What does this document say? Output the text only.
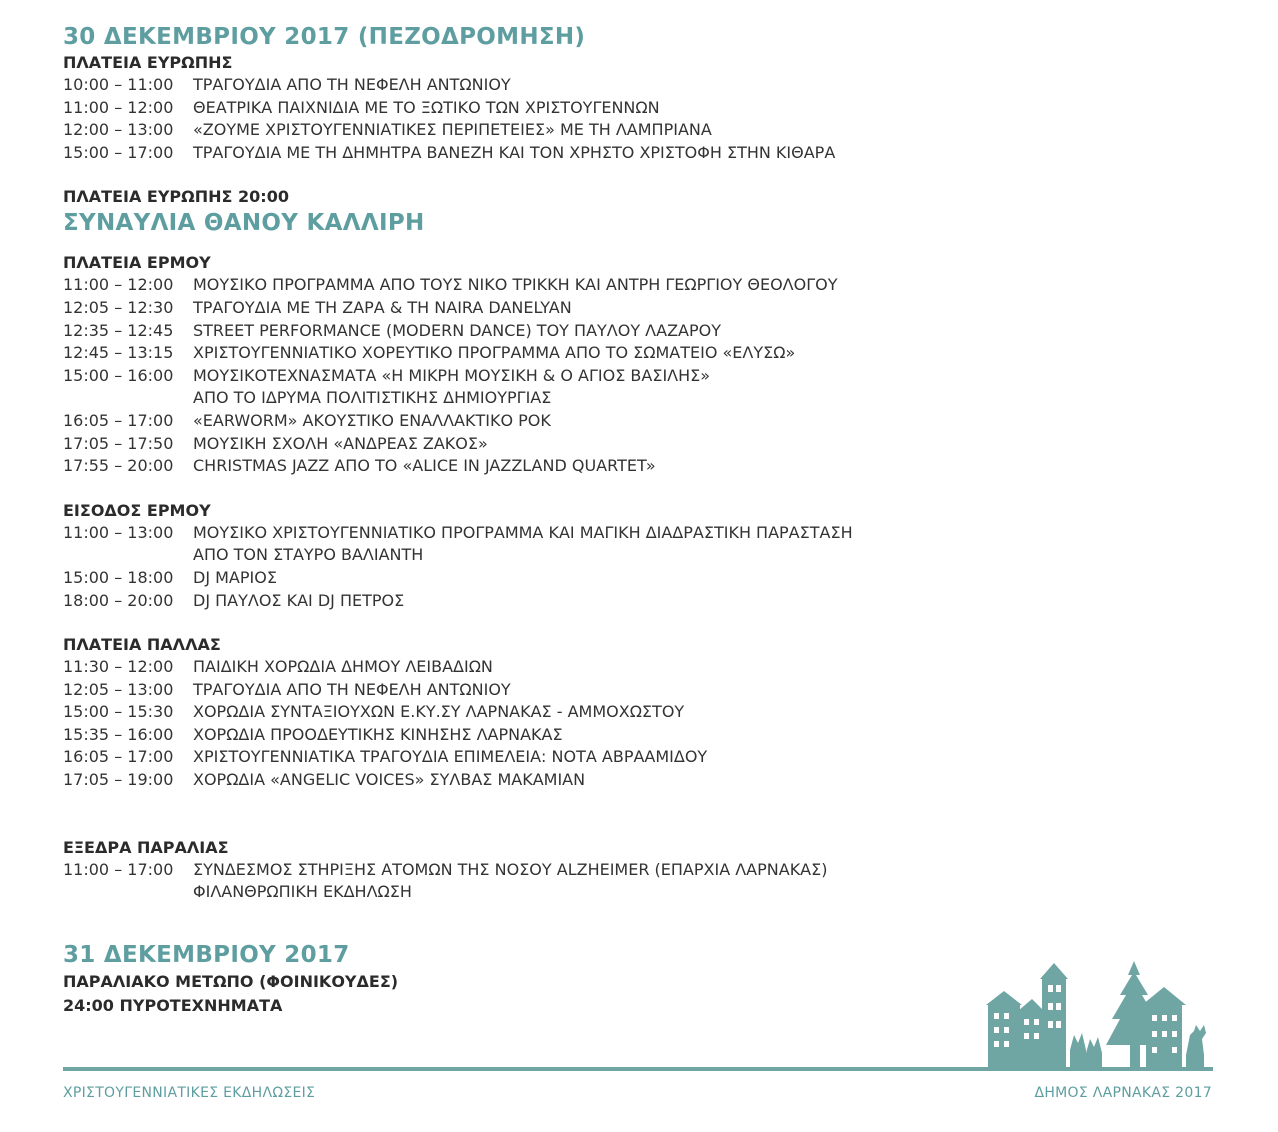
30 ΔΕΚΕΜΒΡΙΟΥ 2017 (ΠΕΖΟΔΡΟΜΗΣΗ)
ΠΛΑΤΕΙΑ ΕΥΡΩΠΗΣ
10:00 – 11:00	ΤΡΑΓΟΥΔΙΑ ΑΠΟ ΤΗ ΝΕΦΕΛΗ ΑΝΤΩΝΙΟΥ
11:00 – 12:00	ΘΕΑΤΡΙΚΑ ΠΑΙΧΝΙΔΙΑ ΜΕ ΤΟ ΞΩΤΙΚΟ ΤΩΝ ΧΡΙΣΤΟΥΓΕΝΝΩΝ
12:00 – 13:00	«ΖΟΥΜΕ ΧΡΙΣΤΟΥΓΕΝΝΙΑΤΙΚΕΣ ΠΕΡΙΠΕΤΕΙΕΣ» ΜΕ ΤΗ ΛΑΜΠΡΙΑΝΑ
15:00 – 17:00	ΤΡΑΓΟΥΔΙΑ ΜΕ ΤΗ ΔΗΜΗΤΡΑ ΒΑΝΕΖΗ ΚΑΙ ΤΟΝ ΧΡΗΣΤΟ ΧΡΙΣΤΟΦΗ ΣΤΗΝ ΚΙΘΑΡΑ
ΠΛΑΤΕΙΑ ΕΥΡΩΠΗΣ 20:00
ΣΥΝΑΥΛΙΑ ΘΑΝΟΥ ΚΑΛΛΙΡΗ
ΠΛΑΤΕΙΑ ΕΡΜΟΥ
11:00 – 12:00	ΜΟΥΣΙΚΟ ΠΡΟΓΡΑΜΜΑ ΑΠΟ ΤΟΥΣ ΝΙΚΟ ΤΡΙΚΚΗ ΚΑΙ ΑΝΤΡΗ ΓΕΩΡΓΙΟΥ ΘΕΟΛΟΓΟΥ
12:05 – 12:30	ΤΡΑΓΟΥΔΙΑ ΜΕ ΤΗ ΖΑΡΑ & ΤΗ ΝΑΙRA DANELYAN
12:35 – 12:45	STREET PERFORMANCE (MODERN DANCE) ΤΟΥ ΠΑΥΛΟΥ ΛΑΖΑΡΟΥ
12:45 – 13:15	ΧΡΙΣΤΟΥΓΕΝΝΙΑΤΙΚΟ ΧΟΡΕΥΤΙΚΟ ΠΡΟΓΡΑΜΜΑ ΑΠΟ ΤΟ ΣΩΜΑΤΕΙΟ «ΕΛΥΣΩ»
15:00 – 16:00	ΜΟΥΣΙΚΟΤΕΧΝΑΣΜΑΤΑ «Η ΜΙΚΡΗ ΜΟΥΣΙΚΗ & Ο ΑΓΙΟΣ ΒΑΣΙΛΗΣ»
ΑΠΟ ΤΟ ΙΔΡΥΜΑ ΠΟΛΙΤΙΣΤΙΚΗΣ ΔΗΜΙΟΥΡΓΙΑΣ
16:05 – 17:00	«EARWORM» ΑΚΟΥΣΤΙΚΟ ΕΝΑΛΛΑΚΤΙΚΟ ΡΟΚ
17:05 – 17:50	ΜΟΥΣΙΚΗ ΣΧΟΛΗ «ΑΝΔΡΕΑΣ ΖΑΚΟΣ»
17:55 – 20:00	CHRISTMAS JAZZ ΑΠΟ ΤΟ «ALICE IN JAZZLAND QUARTET»
ΕΙΣΟΔΟΣ ΕΡΜΟΥ
11:00 – 13:00	ΜΟΥΣΙΚΟ ΧΡΙΣΤΟΥΓΕΝΝΙΑΤΙΚΟ ΠΡΟΓΡΑΜΜΑ ΚΑΙ ΜΑΓΙΚΗ ΔΙΑΔΡΑΣΤΙΚΗ ΠΑΡΑΣΤΑΣΗ
ΑΠΟ ΤΟΝ ΣΤΑΥΡΟ ΒΑΛΙΑΝΤΗ
15:00 – 18:00	DJ ΜΑΡΙΟΣ
18:00 – 20:00	DJ ΠΑΥΛΟΣ ΚΑΙ DJ ΠΕΤΡΟΣ
ΠΛΑΤΕΙΑ ΠΑΛΛΑΣ
11:30 – 12:00	ΠΑΙΔΙΚΗ ΧΟΡΩΔΙΑ ΔΗΜΟΥ ΛΕΙΒΑΔΙΩΝ
12:05 – 13:00	ΤΡΑΓΟΥΔΙΑ ΑΠΟ ΤΗ ΝΕΦΕΛΗ ΑΝΤΩΝΙΟΥ
15:00 – 15:30	ΧΟΡΩΔΙΑ ΣΥΝΤΑΞΙΟΥΧΩΝ Ε.ΚΥ.ΣΥ ΛΑΡΝΑΚΑΣ - ΑΜΜΟΧΩΣΤΟΥ
15:35 – 16:00	ΧΟΡΩΔΙΑ ΠΡΟΟΔΕΥΤΙΚΗΣ ΚΙΝΗΣΗΣ ΛΑΡΝΑΚΑΣ
16:05 – 17:00	ΧΡΙΣΤΟΥΓΕΝΝΙΑΤΙΚΑ ΤΡΑΓΟΥΔΙΑ ΕΠΙΜΕΛΕΙΑ: ΝΟΤΑ ΑΒΡΑΑΜΙΔΟΥ
17:05 – 19:00	ΧΟΡΩΔΙΑ «ANGELIC VOICES» ΣΥΛΒΑΣ ΜΑΚΑΜΙΑΝ
ΕΞΕΔΡΑ ΠΑΡΑΛΙΑΣ
11:00 – 17:00	ΣΥΝΔΕΣΜΟΣ ΣΤΗΡΙΞΗΣ ΑΤΟΜΩΝ ΤΗΣ ΝΟΣΟΥ ALZHEIMER (ΕΠΑΡΧΙΑ ΛΑΡΝΑΚΑΣ)
ΦΙΛΑΝΘΡΩΠΙΚΗ ΕΚΔΗΛΩΣΗ
31 ΔΕΚΕΜΒΡΙΟΥ 2017
ΠΑΡΑΛΙΑΚΟ ΜΕΤΩΠΟ (ΦΟΙΝΙΚΟΥΔΕΣ)
24:00 ΠΥΡΟΤΕΧΝΗΜΑΤΑ
ΧΡΙΣΤΟΥΓΕΝΝΙΑΤΙΚΕΣ ΕΚΔΗΛΩΣΕΙΣ	ΔΗΜΟΣ ΛΑΡΝΑΚΑΣ 2017
